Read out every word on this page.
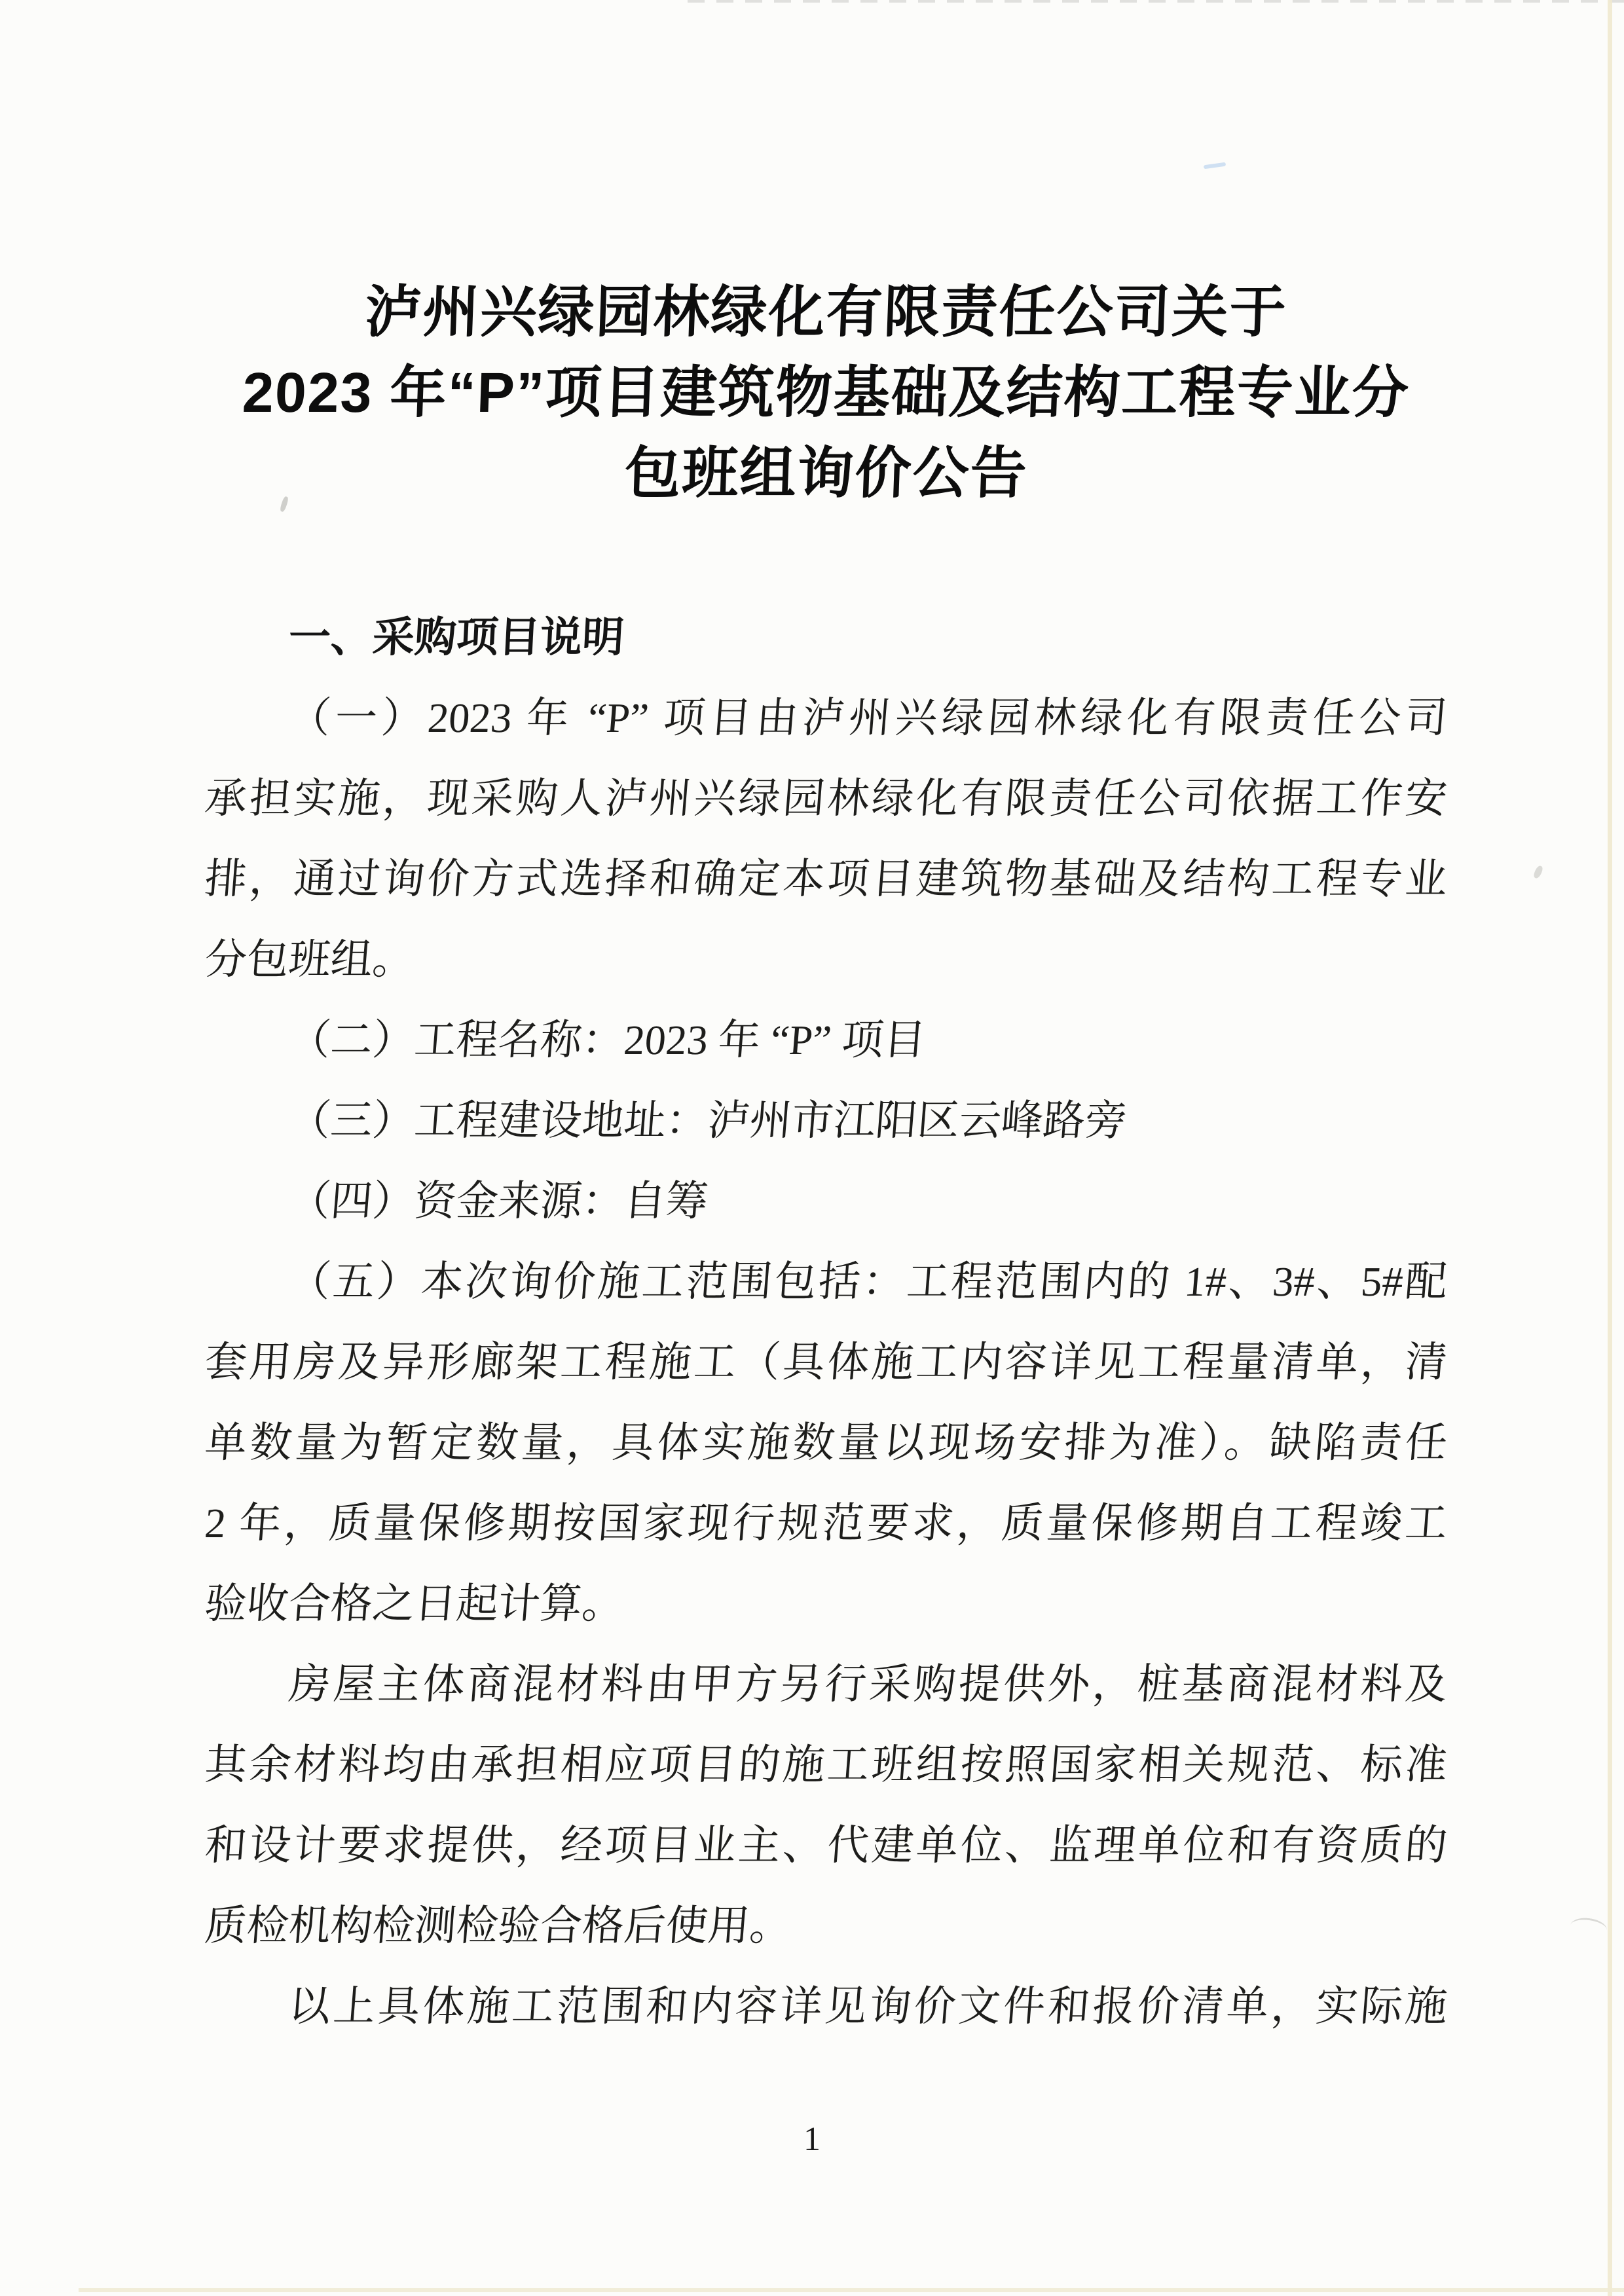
泸州兴绿园林绿化有限责任公司关于
2023 年“P”项目建筑物基础及结构工程专业分
包班组询价公告
一、采购项目说明
（一）2023 年 “P” 项目由泸州兴绿园林绿化有限责任公司
承担实施，现采购人泸州兴绿园林绿化有限责任公司依据工作安
排，通过询价方式选择和确定本项目建筑物基础及结构工程专业
分包班组。
（二）工程名称：2023 年 “P” 项目
（三）工程建设地址：泸州市江阳区云峰路旁
（四）资金来源：自筹
（五）本次询价施工范围包括：工程范围内的 1#、3#、5#配
套用房及异形廊架工程施工（具体施工内容详见工程量清单，清
单数量为暂定数量，具体实施数量以现场安排为准）。缺陷责任
2 年，质量保修期按国家现行规范要求，质量保修期自工程竣工
验收合格之日起计算。
房屋主体商混材料由甲方另行采购提供外，桩基商混材料及
其余材料均由承担相应项目的施工班组按照国家相关规范、标准
和设计要求提供，经项目业主、代建单位、监理单位和有资质的
质检机构检测检验合格后使用。
以上具体施工范围和内容详见询价文件和报价清单，实际施
1
